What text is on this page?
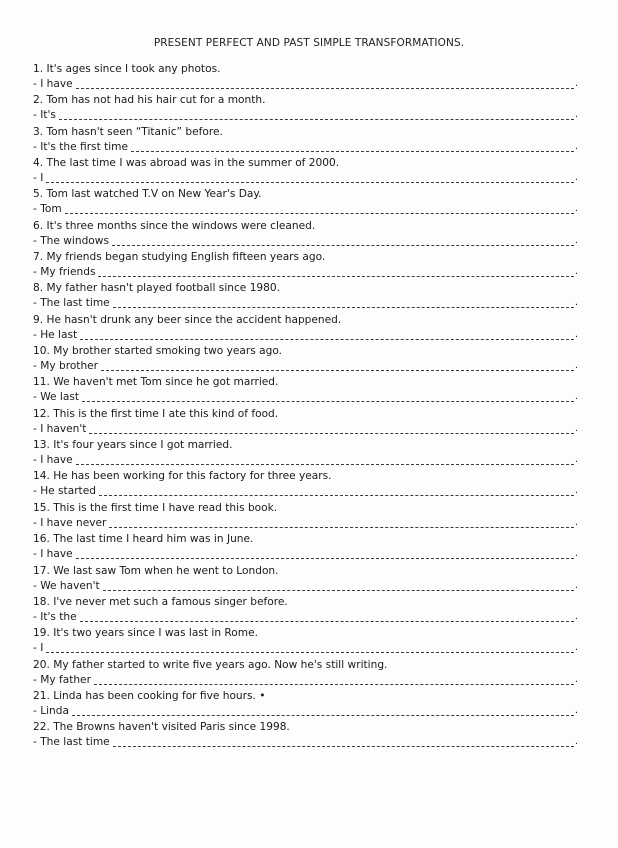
PRESENT PERFECT AND PAST SIMPLE TRANSFORMATIONS.
1. It's ages since I took any photos.
- I have	.
2. Tom has not had his hair cut for a month.
- It's	.
3. Tom hasn't seen “Titanic” before.
- It's the first time	.
4. The last time I was abroad was in the summer of 2000.
- I	.
5. Tom last watched T.V on New Year's Day.
- Tom	.
6. It's three months since the windows were cleaned.
- The windows	.
7. My friends began studying English fifteen years ago.
- My friends	.
8. My father hasn't played football since 1980.
- The last time	.
9. He hasn't drunk any beer since the accident happened.
- He last	.
10. My brother started smoking two years ago.
- My brother	.
11. We haven't met Tom since he got married.
- We last	.
12. This is the first time I ate this kind of food.
- I haven't	.
13. It's four years since I got married.
- I have	.
14. He has been working for this factory for three years.
- He started	.
15. This is the first time I have read this book.
- I have never	.
16. The last time I heard him was in June.
- I have	.
17. We last saw Tom when he went to London.
- We haven't	.
18. I've never met such a famous singer before.
- It's the	.
19. It's two years since I was last in Rome.
- I	.
20. My father started to write five years ago. Now he's still writing.
- My father	.
21. Linda has been cooking for five hours. •
- Linda	.
22. The Browns haven't visited Paris since 1998.
- The last time	.
